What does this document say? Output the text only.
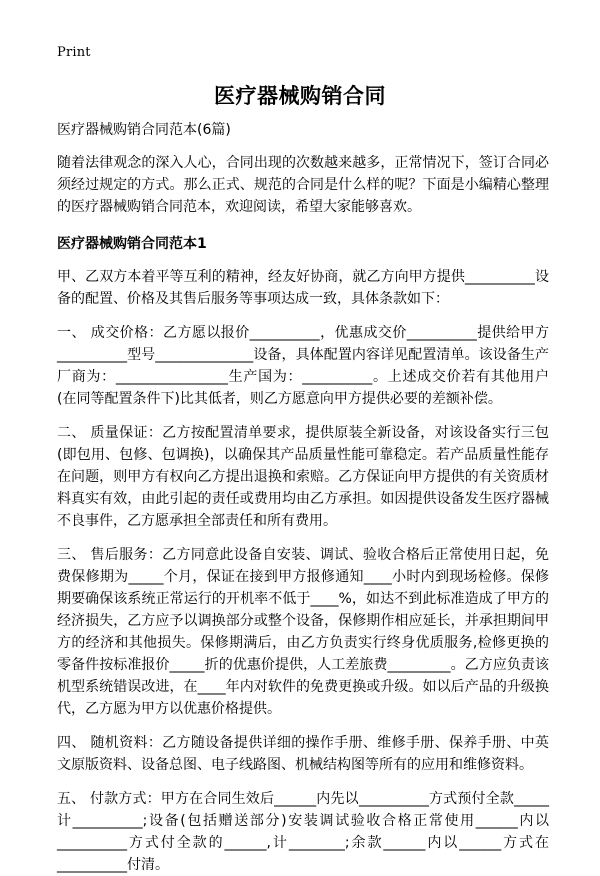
Print
医疗器械购销合同
医疗器械购销合同范本(6篇)
随着法律观念的深入人心，合同出现的次数越来越多，正常情况下，签订合同必须经过规定的方式。那么正式、规范的合同是什么样的呢？下面是小编精心整理的医疗器械购销合同范本，欢迎阅读，希望大家能够喜欢。
医疗器械购销合同范本1
甲、乙双方本着平等互利的精神，经友好协商，就乙方向甲方提供__________设备的配置、价格及其售后服务等事项达成一致，具体条款如下：
一、 成交价格：乙方愿以报价__________，优惠成交价__________提供给甲方__________型号______________设备，具体配置内容详见配置清单。该设备生产厂商为：________________生产国为：__________。上述成交价若有其他用户(在同等配置条件下)比其低者，则乙方愿意向甲方提供必要的差额补偿。
二、 质量保证：乙方按配置清单要求，提供原装全新设备，对该设备实行三包(即包用、包修、包调换)，以确保其产品质量性能可靠稳定。若产品质量性能存在问题，则甲方有权向乙方提出退换和索赔。乙方保证向甲方提供的有关资质材料真实有效，由此引起的责任或费用均由乙方承担。如因提供设备发生医疗器械不良事件，乙方愿承担全部责任和所有费用。
三、 售后服务：乙方同意此设备自安装、调试、验收合格后正常使用日起，免费保修期为_____个月，保证在接到甲方报修通知____小时内到现场检修。保修期要确保该系统正常运行的开机率不低于____%，如达不到此标准造成了甲方的经济损失，乙方应予以调换部分或整个设备，保修期作相应延长，并承担期间甲方的经济和其他损失。保修期满后，由乙方负责实行终身优质服务,检修更换的零备件按标准报价_____折的优惠价提供，人工差旅费_________。乙方应负责该机型系统错误改进，在____年内对软件的免费更换或升级。如以后产品的升级换代，乙方愿为甲方以优惠价格提供。
四、 随机资料：乙方随设备提供详细的操作手册、维修手册、保养手册、中英文原版资料、设备总图、电子线路图、机械结构图等所有的应用和维修资料。
五、 付款方式：甲方在合同生效后______内先以__________方式预付全款_____计__________;设备(包括赠送部分)安装调试验收合格正常使用______内以__________方式付全款的______,计________;余款______内以______方式在__________付清。
